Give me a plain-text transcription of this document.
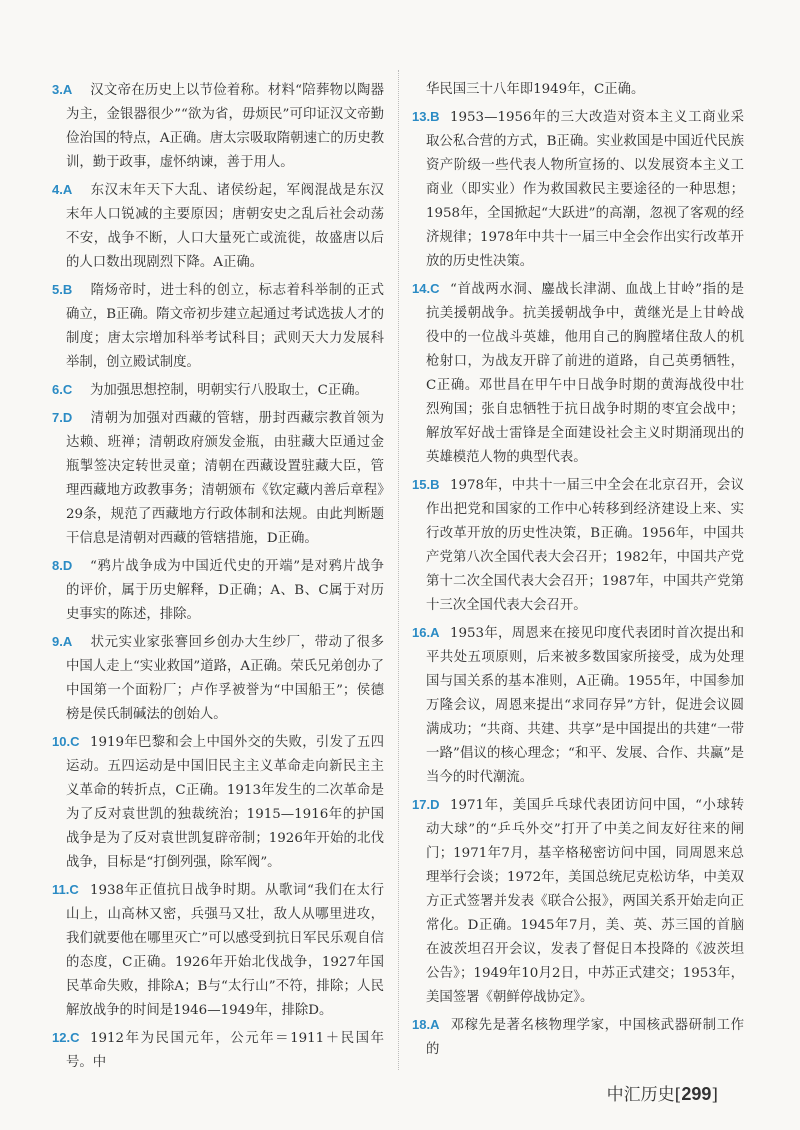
3.A 汉文帝在历史上以节俭着称。材料“陪葬物以陶器为主，金银器很少”“欲为省，毋烦民”可印证汉文帝勤俭治国的特点，A正确。唐太宗吸取隋朝速亡的历史教训，勤于政事，虚怀纳谏，善于用人。
4.A 东汉末年天下大乱、诸侯纷起，军阀混战是东汉末年人口锐减的主要原因；唐朝安史之乱后社会动荡不安，战争不断，人口大量死亡或流徙，故盛唐以后的人口数出现剧烈下降。A正确。
5.B 隋炀帝时，进士科的创立，标志着科举制的正式确立，B正确。隋文帝初步建立起通过考试选拔人才的制度；唐太宗增加科举考试科目；武则天大力发展科举制，创立殿试制度。
6.C 为加强思想控制，明朝实行八股取士，C正确。
7.D 清朝为加强对西藏的管辖，册封西藏宗教首领为达赖、班禅；清朝政府颁发金瓶，由驻藏大臣通过金瓶掣签决定转世灵童；清朝在西藏设置驻藏大臣，管理西藏地方政教事务；清朝颁布《钦定藏内善后章程》29条，规范了西藏地方行政体制和法规。由此判断题干信息是清朝对西藏的管辖措施，D正确。
8.D “鸦片战争成为中国近代史的开端”是对鸦片战争的评价，属于历史解释，D正确；A、B、C属于对历史事实的陈述，排除。
9.A 状元实业家张謇回乡创办大生纱厂，带动了很多中国人走上“实业救国”道路，A正确。荣氏兄弟创办了中国第一个面粉厂；卢作孚被誉为“中国船王”；侯德榜是侯氏制碱法的创始人。
10.C 1919年巴黎和会上中国外交的失败，引发了五四运动。五四运动是中国旧民主主义革命走向新民主主义革命的转折点，C正确。1913年发生的二次革命是为了反对袁世凯的独裁统治；1915—1916年的护国战争是为了反对袁世凯复辟帝制；1926年开始的北伐战争，目标是“打倒列强，除军阀”。
11.C 1938年正值抗日战争时期。从歌词“我们在太行山上，山高林又密，兵强马又壮，敌人从哪里进攻，我们就要他在哪里灭亡”可以感受到抗日军民乐观自信的态度，C正确。1926年开始北伐战争，1927年国民革命失败，排除A；B与“太行山”不符，排除；人民解放战争的时间是1946—1949年，排除D。
12.C 1912年为民国元年，公元年＝1911＋民国年号。中
华民国三十八年即1949年，C正确。
13.B 1953—1956年的三大改造对资本主义工商业采取公私合营的方式，B正确。实业救国是中国近代民族资产阶级一些代表人物所宣扬的、以发展资本主义工商业（即实业）作为救国救民主要途径的一种思想；1958年，全国掀起“大跃进”的高潮，忽视了客观的经济规律；1978年中共十一届三中全会作出实行改革开放的历史性决策。
14.C “首战两水洞、鏖战长津湖、血战上甘岭”指的是抗美援朝战争。抗美援朝战争中，黄继光是上甘岭战役中的一位战斗英雄，他用自己的胸膛堵住敌人的机枪射口，为战友开辟了前进的道路，自己英勇牺牲，C正确。邓世昌在甲午中日战争时期的黄海战役中壮烈殉国；张自忠牺牲于抗日战争时期的枣宜会战中；解放军好战士雷锋是全面建设社会主义时期涌现出的英雄模范人物的典型代表。
15.B 1978年，中共十一届三中全会在北京召开，会议作出把党和国家的工作中心转移到经济建设上来、实行改革开放的历史性决策，B正确。1956年，中国共产党第八次全国代表大会召开；1982年，中国共产党第十二次全国代表大会召开；1987年，中国共产党第十三次全国代表大会召开。
16.A 1953年，周恩来在接见印度代表团时首次提出和平共处五项原则，后来被多数国家所接受，成为处理国与国关系的基本准则，A正确。1955年，中国参加万隆会议，周恩来提出“求同存异”方针，促进会议圆满成功；“共商、共建、共享”是中国提出的共建“一带一路”倡议的核心理念；“和平、发展、合作、共赢”是当今的时代潮流。
17.D 1971年，美国乒乓球代表团访问中国，“小球转动大球”的“乒乓外交”打开了中美之间友好往来的闸门；1971年7月，基辛格秘密访问中国，同周恩来总理举行会谈；1972年，美国总统尼克松访华，中美双方正式签署并发表《联合公报》，两国关系开始走向正常化。D正确。1945年7月，美、英、苏三国的首脑在波茨坦召开会议，发表了督促日本投降的《波茨坦公告》；1949年10月2日，中苏正式建交；1953年，美国签署《朝鲜停战协定》。
18.A 邓稼先是著名核物理学家，中国核武器研制工作的
中汇历史[299]
